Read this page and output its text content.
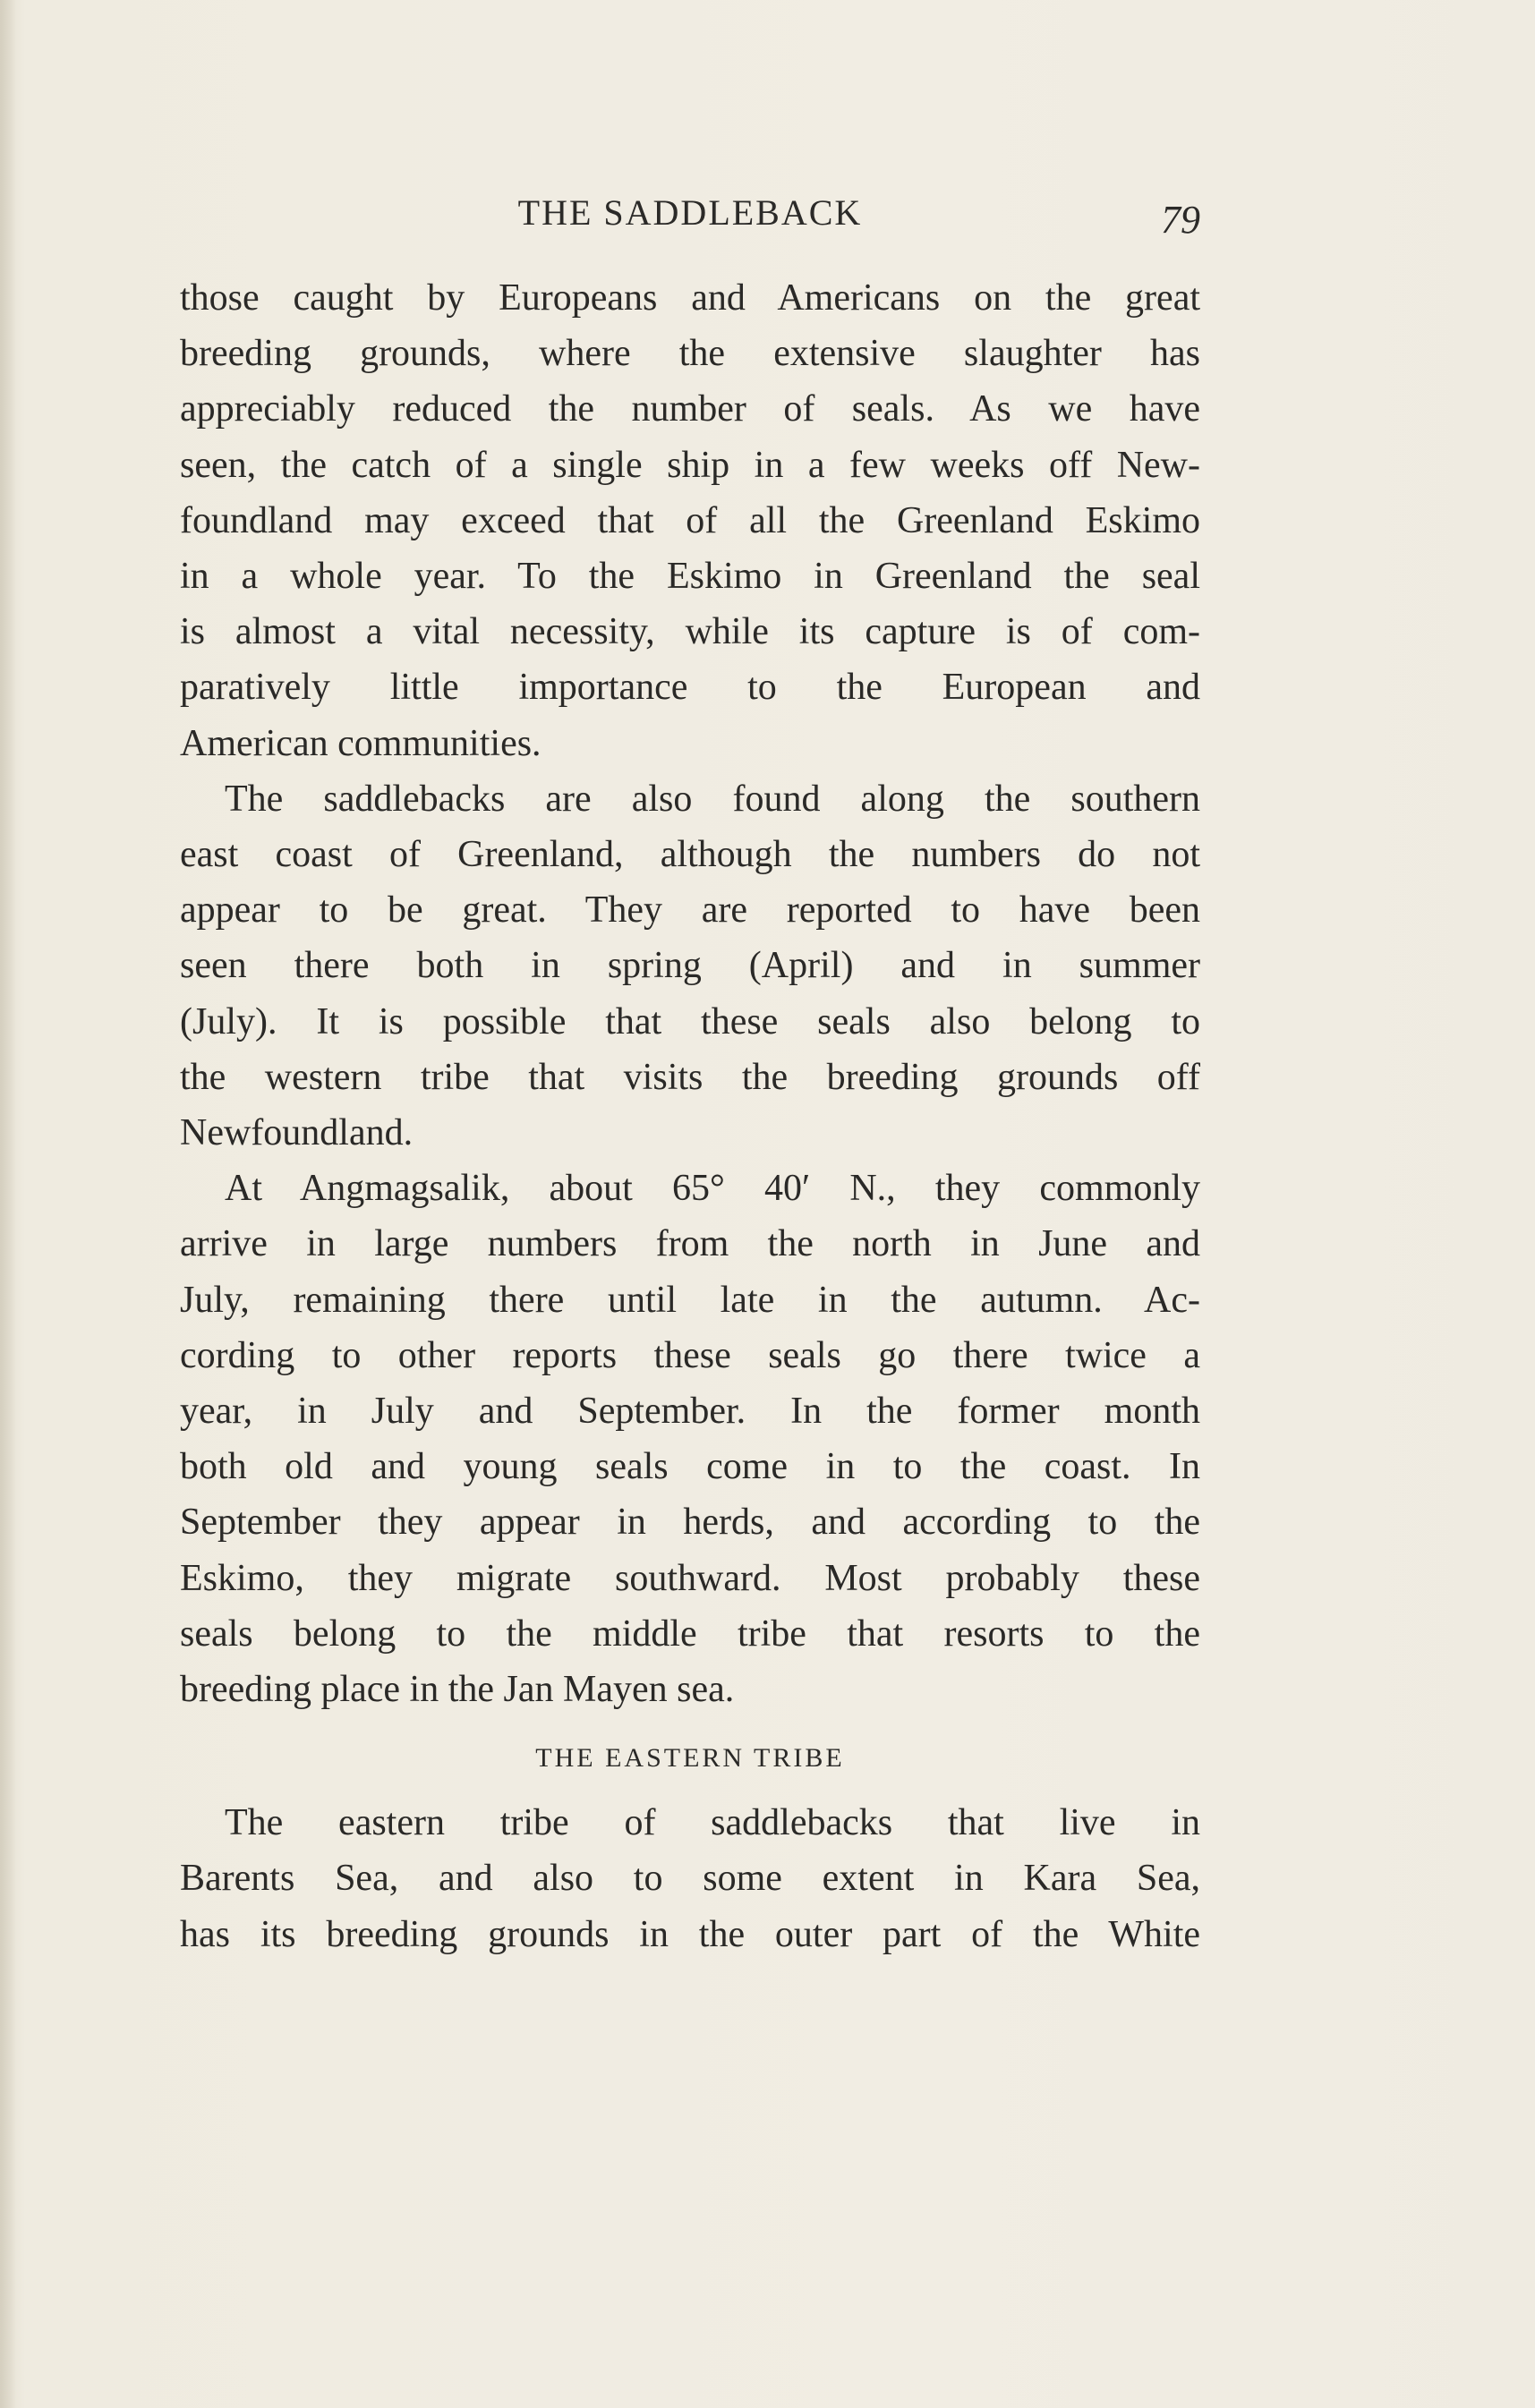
THE SADDLEBACK	79
those caught by Europeans and Americans on the great
breeding grounds, where the extensive slaughter has
appreciably reduced the number of seals. As we have
seen, the catch of a single ship in a few weeks off New-
foundland may exceed that of all the Greenland Eskimo
in a whole year. To the Eskimo in Greenland the seal
is almost a vital necessity, while its capture is of com-
paratively little importance to the European and
American communities.
The saddlebacks are also found along the southern
east coast of Greenland, although the numbers do not
appear to be great. They are reported to have been
seen there both in spring (April) and in summer
(July). It is possible that these seals also belong to
the western tribe that visits the breeding grounds off
Newfoundland.
At Angmagsalik, about 65° 40′ N., they commonly
arrive in large numbers from the north in June and
July, remaining there until late in the autumn. Ac-
cording to other reports these seals go there twice a
year, in July and September. In the former month
both old and young seals come in to the coast. In
September they appear in herds, and according to the
Eskimo, they migrate southward. Most probably these
seals belong to the middle tribe that resorts to the
breeding place in the Jan Mayen sea.
THE EASTERN TRIBE
The eastern tribe of saddlebacks that live in
Barents Sea, and also to some extent in Kara Sea,
has its breeding grounds in the outer part of the White
